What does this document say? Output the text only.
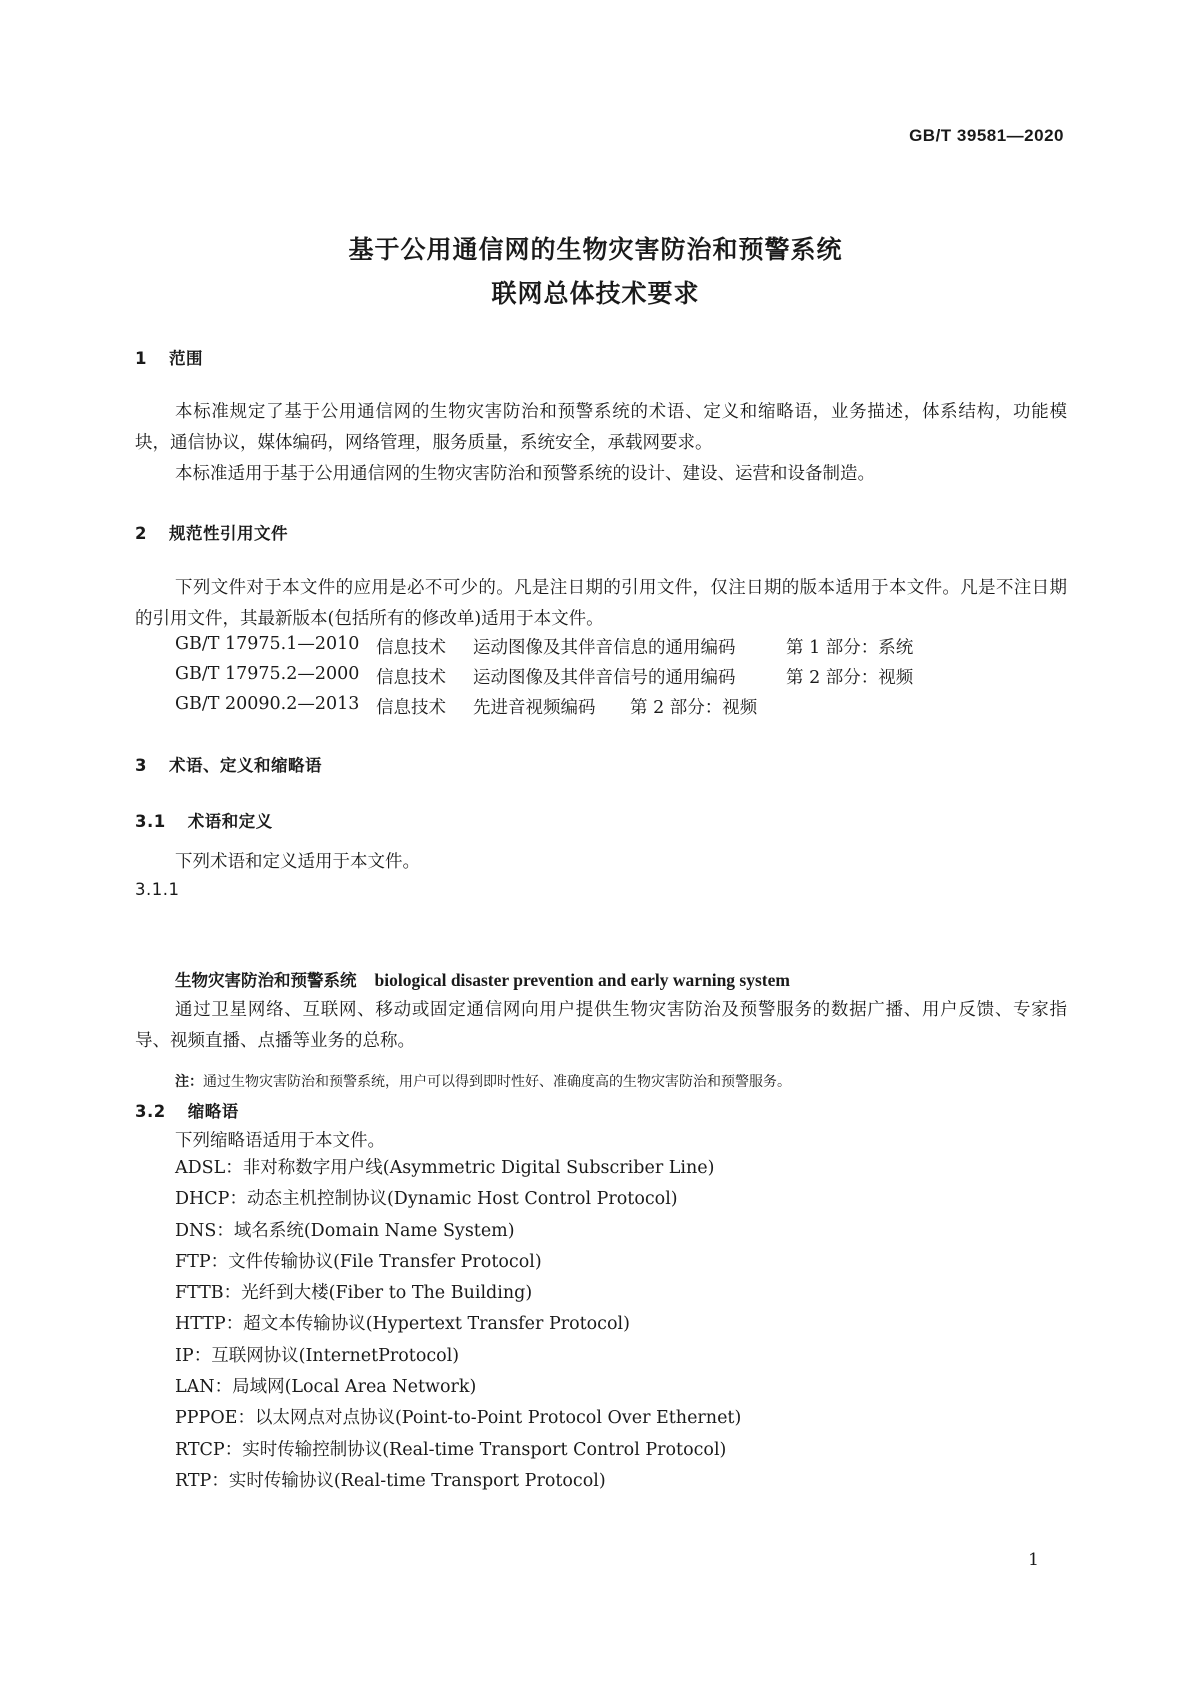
GB/T 39581—2020
基于公用通信网的生物灾害防治和预警系统
联网总体技术要求
1 范围

本标准规定了基于公用通信网的生物灾害防治和预警系统的术语、定义和缩略语，业务描述，体系结构，功能模块，通信协议，媒体编码，网络管理，服务质量，系统安全，承载网要求。

本标准适用于基于公用通信网的生物灾害防治和预警系统的设计、建设、运营和设备制造。

2 规范性引用文件

下列文件对于本文件的应用是必不可少的。凡是注日期的引用文件，仅注日期的版本适用于本文件。凡是不注日期的引用文件，其最新版本(包括所有的修改单)适用于本文件。

GB/T 17975.1—2010 信息技术 运动图像及其伴音信息的通用编码	第 1 部分：系统
GB/T 17975.2—2000 信息技术 运动图像及其伴音信号的通用编码	第 2 部分：视频
GB/T 20090.2—2013 信息技术 先进音视频编码 第 2 部分：视频
3 术语、定义和缩略语
3.1 术语和定义
下列术语和定义适用于本文件。
3.1.1
生物灾害防治和预警系统 biological disaster prevention and early warning system

通过卫星网络、互联网、移动或固定通信网向用户提供生物灾害防治及预警服务的数据广播、用户反馈、专家指导、视频直播、点播等业务的总称。

注：通过生物灾害防治和预警系统，用户可以得到即时性好、准确度高的生物灾害防治和预警服务。
3.2 缩略语
下列缩略语适用于本文件。
ADSL：非对称数字用户线(Asymmetric Digital Subscriber Line)
DHCP：动态主机控制协议(Dynamic Host Control Protocol)
DNS：域名系统(Domain Name System)
FTP：文件传输协议(File Transfer Protocol)
FTTB：光纤到大楼(Fiber to The Building)
HTTP：超文本传输协议(Hypertext Transfer Protocol)
IP：互联网协议(InternetProtocol)
LAN：局域网(Local Area Network)
PPPOE：以太网点对点协议(Point-to-Point Protocol Over Ethernet)
RTCP：实时传输控制协议(Real-time Transport Control Protocol)
RTP：实时传输协议(Real-time Transport Protocol)
1
